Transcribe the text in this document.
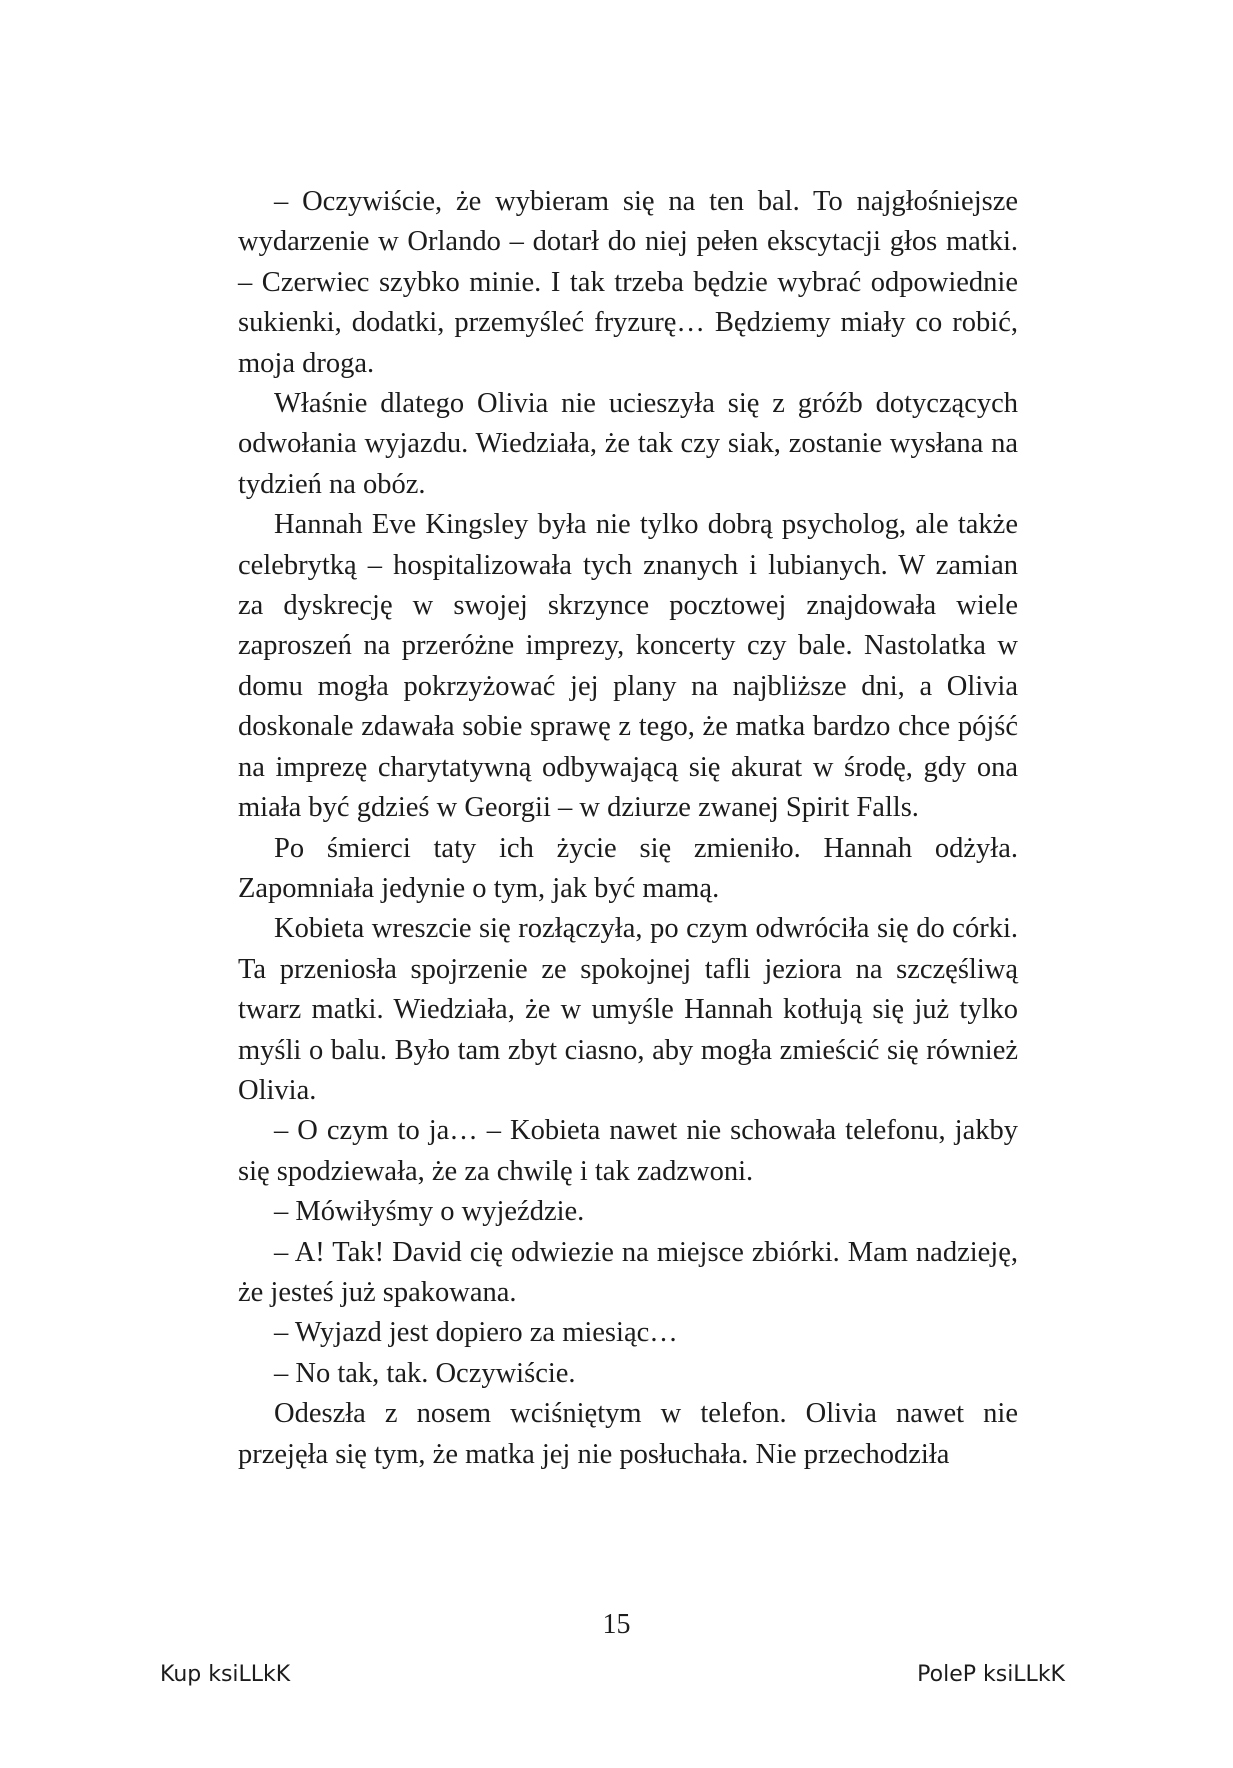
– Oczywiście, że wybieram się na ten bal. To najgłośniejsze wydarzenie w Orlando – dotarł do niej pełen ekscytacji głos matki. – Czerwiec szybko minie. I tak trzeba będzie wybrać odpowiednie sukienki, dodatki, przemyśleć fryzurę… Będziemy miały co robić, moja droga.

Właśnie dlatego Olivia nie ucieszyła się z gróźb dotyczących odwołania wyjazdu. Wiedziała, że tak czy siak, zostanie wysłana na tydzień na obóz.

Hannah Eve Kingsley była nie tylko dobrą psycholog, ale także celebrytką – hospitalizowała tych znanych i lubianych. W zamian za dyskrecję w swojej skrzynce pocztowej znajdowała wiele zaproszeń na przeróżne imprezy, koncerty czy bale. Nastolatka w domu mogła pokrzyżować jej plany na najbliższe dni, a Olivia doskonale zdawała sobie sprawę z tego, że matka bardzo chce pójść na imprezę charytatywną odbywającą się akurat w środę, gdy ona miała być gdzieś w Georgii – w dziurze zwanej Spirit Falls.

Po śmierci taty ich życie się zmieniło. Hannah odżyła. Zapomniała jedynie o tym, jak być mamą.

Kobieta wreszcie się rozłączyła, po czym odwróciła się do córki. Ta przeniosła spojrzenie ze spokojnej tafli jeziora na szczęśliwą twarz matki. Wiedziała, że w umyśle Hannah kotłują się już tylko myśli o balu. Było tam zbyt ciasno, aby mogła zmieścić się również Olivia.

– O czym to ja… – Kobieta nawet nie schowała telefonu, jakby się spodziewała, że za chwilę i tak zadzwoni.

– Mówiłyśmy o wyjeździe.

– A! Tak! David cię odwiezie na miejsce zbiórki. Mam nadzieję, że jesteś już spakowana.

– Wyjazd jest dopiero za miesiąc…

– No tak, tak. Oczywiście.

Odeszła z nosem wciśniętym w telefon. Olivia nawet nie przejęła się tym, że matka jej nie posłuchała. Nie przechodziła

15
Kup ksiLLkK	PoleP ksiLLkK
